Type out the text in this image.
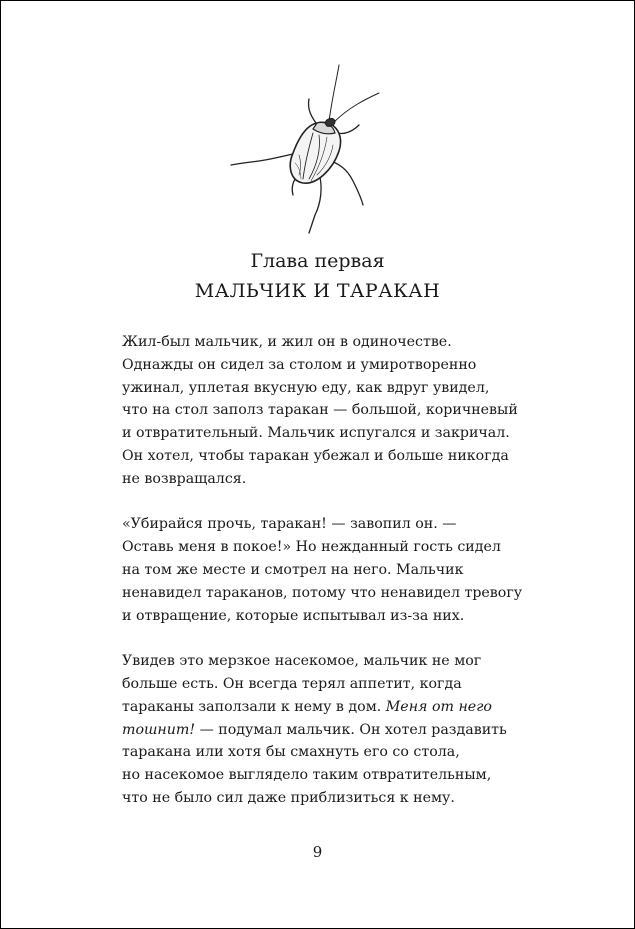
Глава первая
МАЛЬЧИК И ТАРАКАН

Жил-был мальчик, и жил он в одиночестве.
Однажды он сидел за столом и умиротворенно
ужинал, уплетая вкусную еду, как вдруг увидел,
что на стол заполз таракан — большой, коричневый
и отвратительный. Мальчик испугался и закричал.
Он хотел, чтобы таракан убежал и больше никогда
не возвращался.

«Убирайся прочь, таракан! — завопил он. —
Оставь меня в покое!» Но нежданный гость сидел
на том же месте и смотрел на него. Мальчик
ненавидел тараканов, потому что ненавидел тревогу
и отвращение, которые испытывал из-за них.

Увидев это мерзкое насекомое, мальчик не мог
больше есть. Он всегда терял аппетит, когда
тараканы заползали к нему в дом. Меня от него
тошнит! — подумал мальчик. Он хотел раздавить
таракана или хотя бы смахнуть его со стола,
но насекомое выглядело таким отвратительным,
что не было сил даже приблизиться к нему.

9
